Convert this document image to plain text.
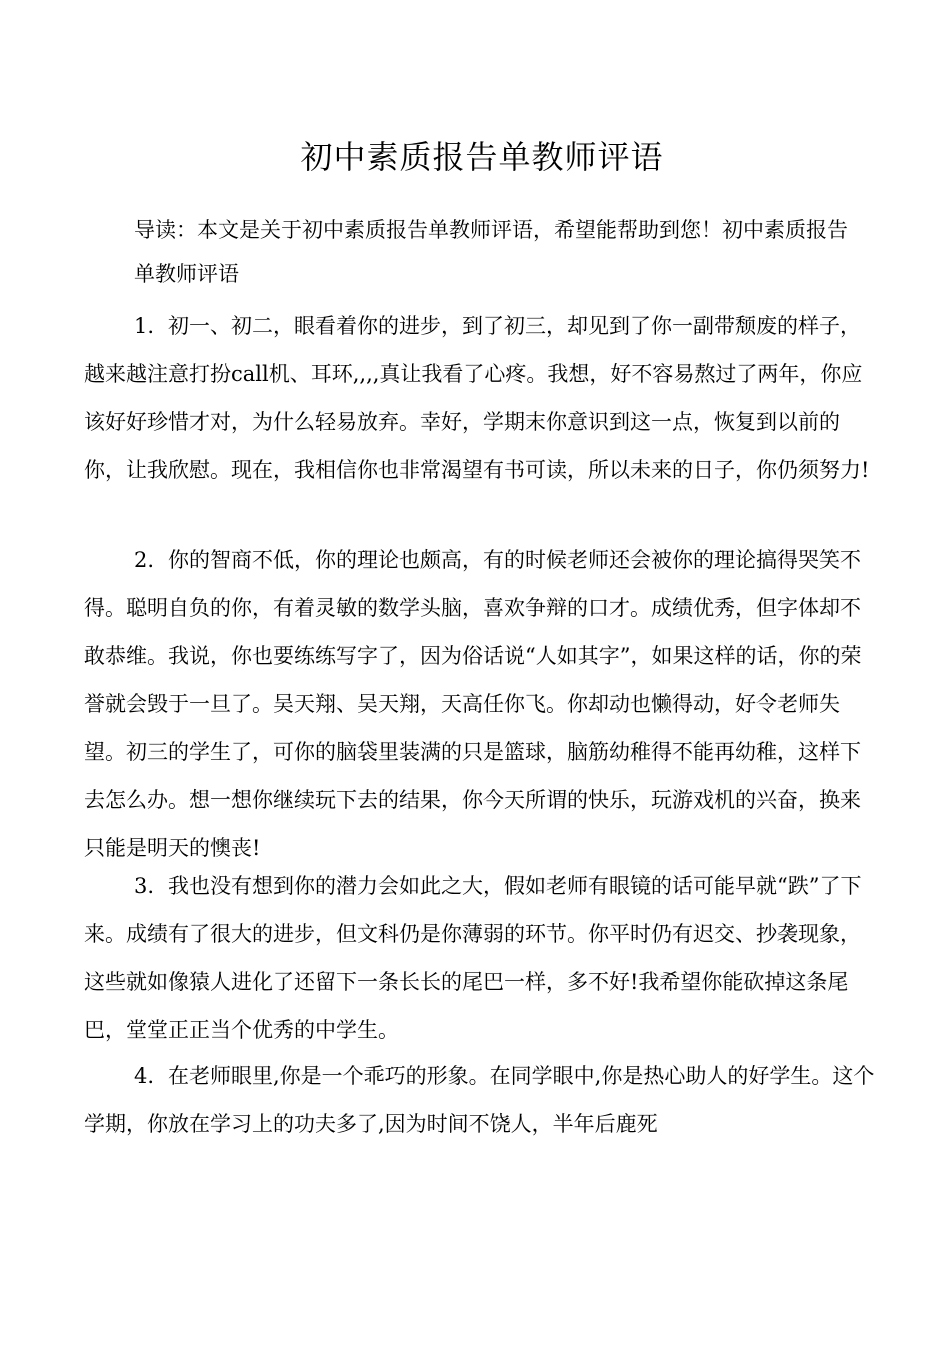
初中素质报告单教师评语

导读：本文是关于初中素质报告单教师评语，希望能帮助到您！初中素质报告单教师评语

1. 初一、初二，眼看着你的进步，到了初三，却见到了你一副带颓废的样子，越来越注意打扮call机、耳环,,,,真让我看了心疼。我想，好不容易熬过了两年，你应该好好珍惜才对，为什么轻易放弃。幸好，学期末你意识到这一点，恢复到以前的你，让我欣慰。现在，我相信你也非常渴望有书可读，所以未来的日子，你仍须努力!

2. 你的智商不低，你的理论也颇高，有的时候老师还会被你的理论搞得哭笑不得。聪明自负的你，有着灵敏的数学头脑，喜欢争辩的口才。成绩优秀，但字体却不敢恭维。我说，你也要练练写字了，因为俗话说“人如其字”，如果这样的话，你的荣誉就会毁于一旦了。吴天翔、吴天翔，天高任你飞。你却动也懒得动，好令老师失望。初三的学生了，可你的脑袋里装满的只是篮球，脑筋幼稚得不能再幼稚，这样下去怎么办。想一想你继续玩下去的结果，你今天所谓的快乐，玩游戏机的兴奋，换来只能是明天的懊丧!

3. 我也没有想到你的潜力会如此之大，假如老师有眼镜的话可能早就“跌”了下来。成绩有了很大的进步，但文科仍是你薄弱的环节。你平时仍有迟交、抄袭现象，这些就如像猿人进化了还留下一条长长的尾巴一样，多不好!我希望你能砍掉这条尾巴，堂堂正正当个优秀的中学生。

4. 在老师眼里,你是一个乖巧的形象。在同学眼中,你是热心助人的好学生。这个学期，你放在学习上的功夫多了,因为时间不饶人，半年后鹿死
